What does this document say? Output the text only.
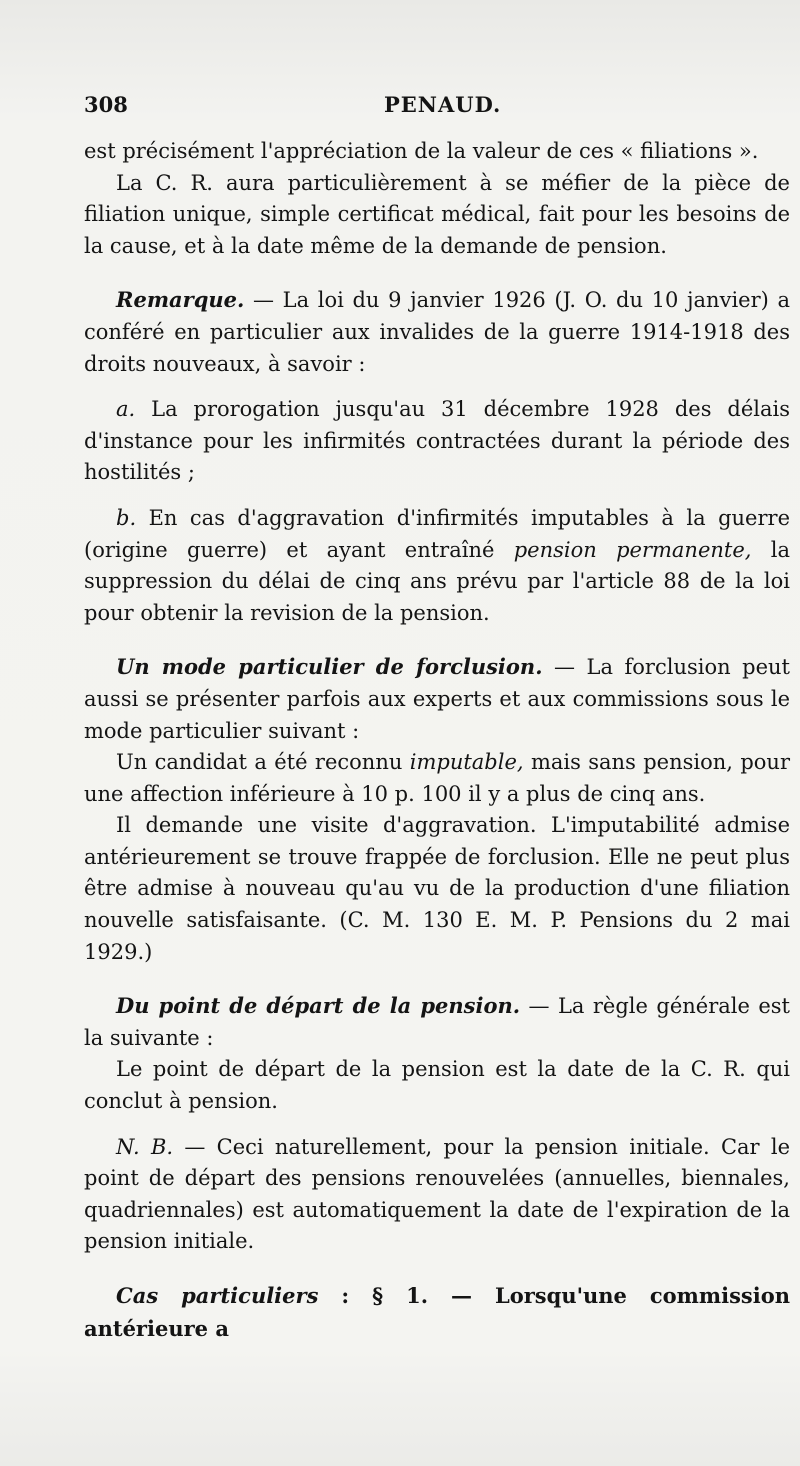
308	PENAUD.

est précisément l'appréciation de la valeur de ces « filiations ».

La C. R. aura particulièrement à se méfier de la pièce de filiation unique, simple certificat médical, fait pour les besoins de la cause, et à la date même de la demande de pension.

Remarque. — La loi du 9 janvier 1926 (J. O. du 10 janvier) a conféré en particulier aux invalides de la guerre 1914-1918 des droits nouveaux, à savoir :

a. La prorogation jusqu'au 31 décembre 1928 des délais d'instance pour les infirmités contractées durant la période des hostilités ;

b. En cas d'aggravation d'infirmités imputables à la guerre (origine guerre) et ayant entraîné pension permanente, la suppression du délai de cinq ans prévu par l'article 88 de la loi pour obtenir la revision de la pension.

Un mode particulier de forclusion. — La forclusion peut aussi se présenter parfois aux experts et aux commissions sous le mode particulier suivant :

Un candidat a été reconnu imputable, mais sans pension, pour une affection inférieure à 10 p. 100 il y a plus de cinq ans.

Il demande une visite d'aggravation. L'imputabilité admise antérieurement se trouve frappée de forclusion. Elle ne peut plus être admise à nouveau qu'au vu de la production d'une filiation nouvelle satisfaisante. (C. M. 130 E. M. P. Pensions du 2 mai 1929.)

Du point de départ de la pension. — La règle générale est la suivante :

Le point de départ de la pension est la date de la C. R. qui conclut à pension.

N. B. — Ceci naturellement, pour la pension initiale. Car le point de départ des pensions renouvelées (annuelles, biennales, quadriennales) est automatiquement la date de l'expiration de la pension initiale.

Cas particuliers : § 1. — Lorsqu'une commission antérieure a
